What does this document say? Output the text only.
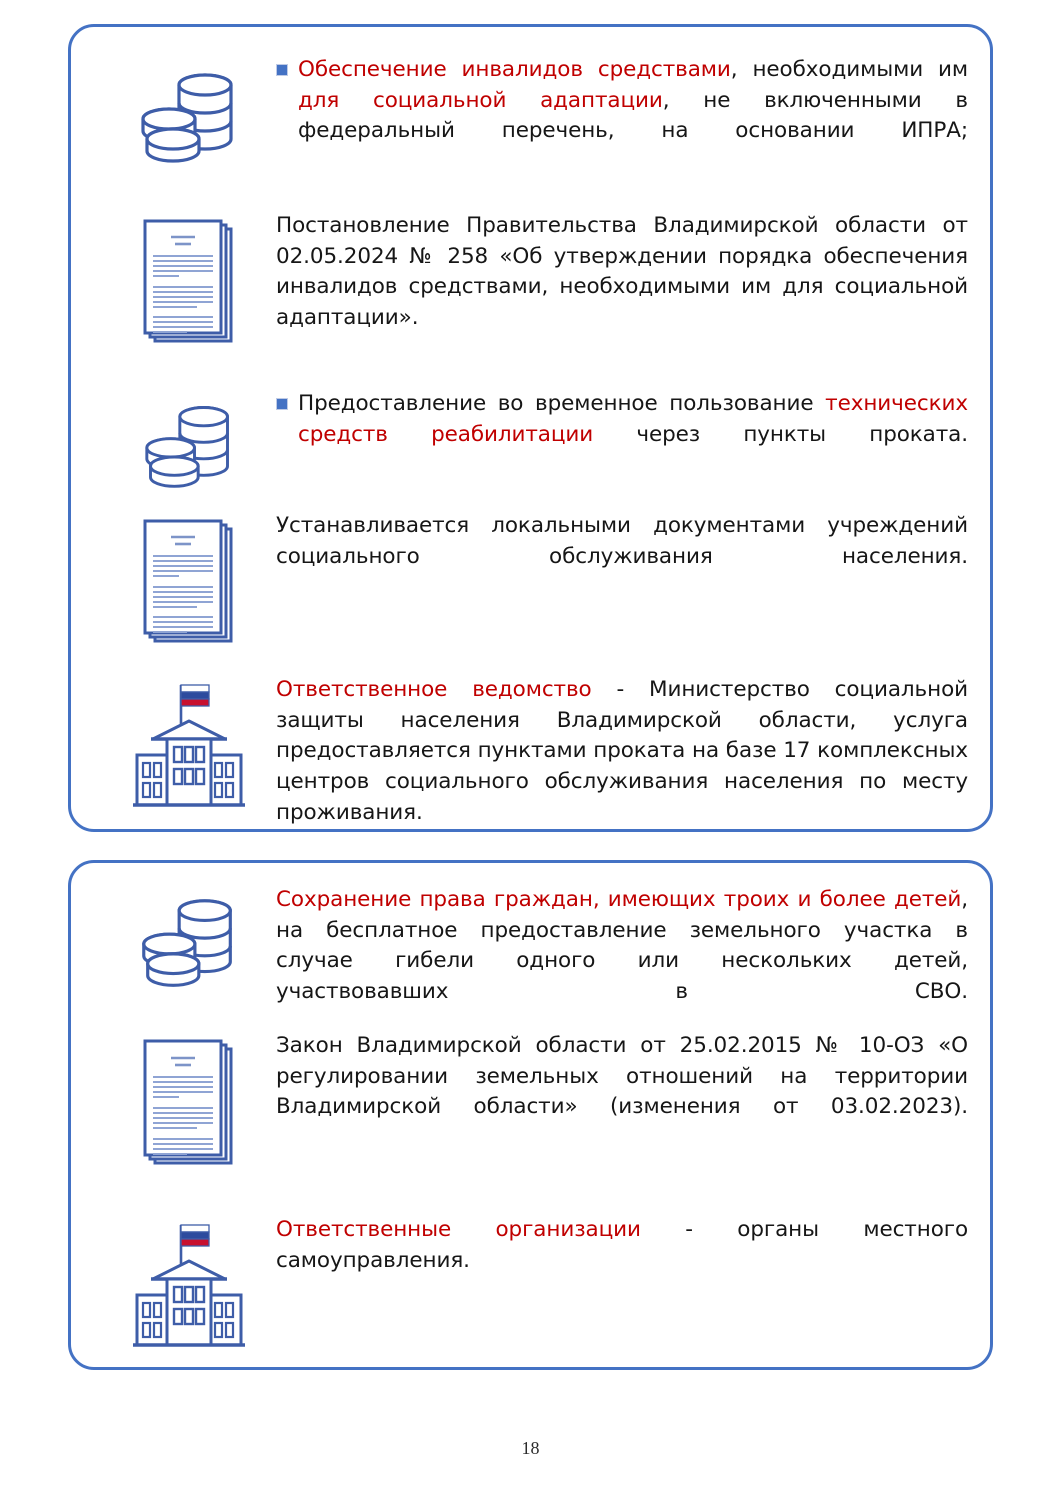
Обеспечение инвалидов средствами, необходимыми им для социальной адаптации, не включенными в федеральный перечень, на основании ИПРА;
Постановление Правительства Владимирской области от 02.05.2024 № 258 «Об утверждении порядка обеспечения инвалидов средствами, необходимыми им для социальной адаптации».
Предоставление во временное пользование технических средств реабилитации через пункты проката.
Устанавливается локальными документами учреждений социального обслуживания населения.
Ответственное ведомство - Министерство социальной защиты населения Владимирской области, услуга предоставляется пунктами проката на базе 17 комплексных центров социального обслуживания населения по месту проживания.
Сохранение права граждан, имеющих троих и более детей, на бесплатное предоставление земельного участка в случае гибели одного или нескольких детей, участвовавших в СВО.
Закон Владимирской области от 25.02.2015 № 10-ОЗ «О регулировании земельных отношений на территории Владимирской области» (изменения от 03.02.2023).
Ответственные организации - органы местного самоуправления.
18
